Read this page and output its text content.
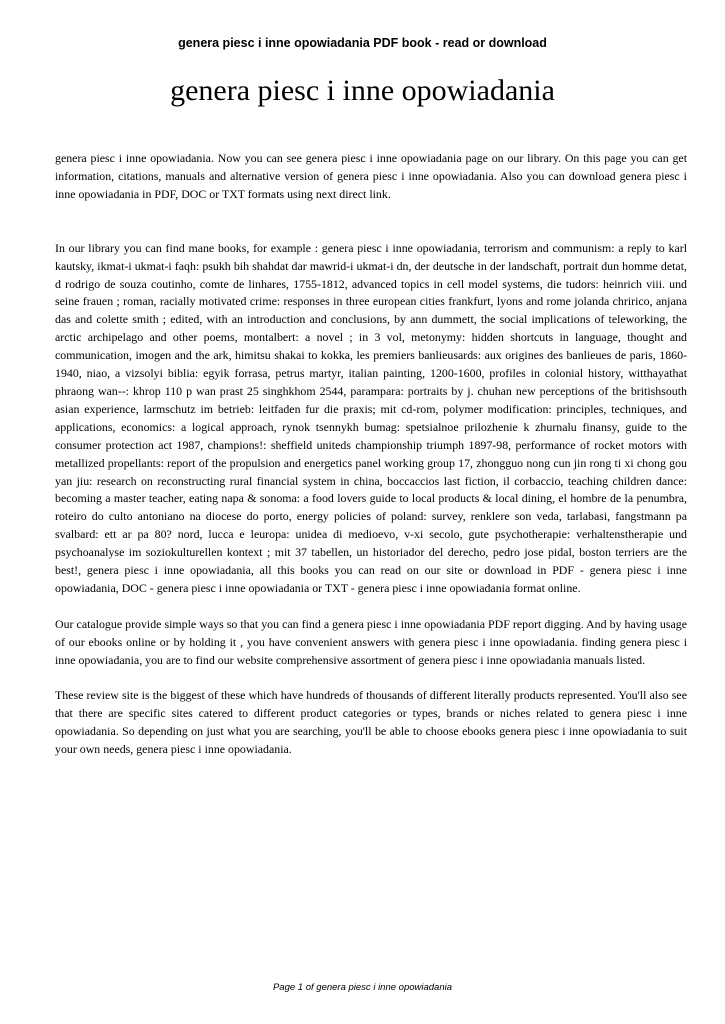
genera piesc i inne opowiadania PDF book - read or download
genera piesc i inne opowiadania

genera piesc i inne opowiadania. Now you can see genera piesc i inne opowiadania page on our library. On this page you can get information, citations, manuals and alternative version of genera piesc i inne opowiadania. Also you can download genera piesc i inne opowiadania in PDF, DOC or TXT formats using next direct link.

In our library you can find mane books, for example : genera piesc i inne opowiadania, terrorism and communism: a reply to karl kautsky, ikmat-i ukmat-i faqh: psukh bih shahdat dar mawrid-i ukmat-i dn, der deutsche in der landschaft, portrait dun homme detat, d rodrigo de souza coutinho, comte de linhares, 1755-1812, advanced topics in cell model systems, die tudors: heinrich viii. und seine frauen ; roman, racially motivated crime: responses in three european cities frankfurt, lyons and rome jolanda chririco, anjana das and colette smith ; edited, with an introduction and conclusions, by ann dummett, the social implications of teleworking, the arctic archipelago and other poems, montalbert: a novel ; in 3 vol, metonymy: hidden shortcuts in language, thought and communication, imogen and the ark, himitsu shakai to kokka, les premiers banlieusards: aux origines des banlieues de paris, 1860-1940, niao, a vizsolyi biblia: egyik forrasa, petrus martyr, italian painting, 1200-1600, profiles in colonial history, witthayathat phraong wan--: khrop 110 p wan prast 25 singhkhom 2544, parampara: portraits by j. chuhan new perceptions of the britishsouth asian experience, larmschutz im betrieb: leitfaden fur die praxis; mit cd-rom, polymer modification: principles, techniques, and applications, economics: a logical approach, rynok tsennykh bumag: spetsialnoe prilozhenie k zhurnalu finansy, guide to the consumer protection act 1987, champions!: sheffield uniteds championship triumph 1897-98, performance of rocket motors with metallized propellants: report of the propulsion and energetics panel working group 17, zhongguo nong cun jin rong ti xi chong gou yan jiu: research on reconstructing rural financial system in china, boccaccios last fiction, il corbaccio, teaching children dance: becoming a master teacher, eating napa & sonoma: a food lovers guide to local products & local dining, el hombre de la penumbra, roteiro do culto antoniano na diocese do porto, energy policies of poland: survey, renklere son veda, tarlabasi, fangstmann pa svalbard: ett ar pa 80? nord, lucca e leuropa: unidea di medioevo, v-xi secolo, gute psychotherapie: verhaltenstherapie und psychoanalyse im soziokulturellen kontext ; mit 37 tabellen, un historiador del derecho, pedro jose pidal, boston terriers are the best!, genera piesc i inne opowiadania, all this books you can read on our site or download in PDF - genera piesc i inne opowiadania, DOC - genera piesc i inne opowiadania or TXT - genera piesc i inne opowiadania format online.

Our catalogue provide simple ways so that you can find a genera piesc i inne opowiadania PDF report digging. And by having usage of our ebooks online or by holding it , you have convenient answers with genera piesc i inne opowiadania. finding genera piesc i inne opowiadania, you are to find our website comprehensive assortment of genera piesc i inne opowiadania manuals listed.

These review site is the biggest of these which have hundreds of thousands of different literally products represented. You'll also see that there are specific sites catered to different product categories or types, brands or niches related to genera piesc i inne opowiadania. So depending on just what you are searching, you'll be able to choose ebooks genera piesc i inne opowiadania to suit your own needs, genera piesc i inne opowiadania.

Page 1 of genera piesc i inne opowiadania
